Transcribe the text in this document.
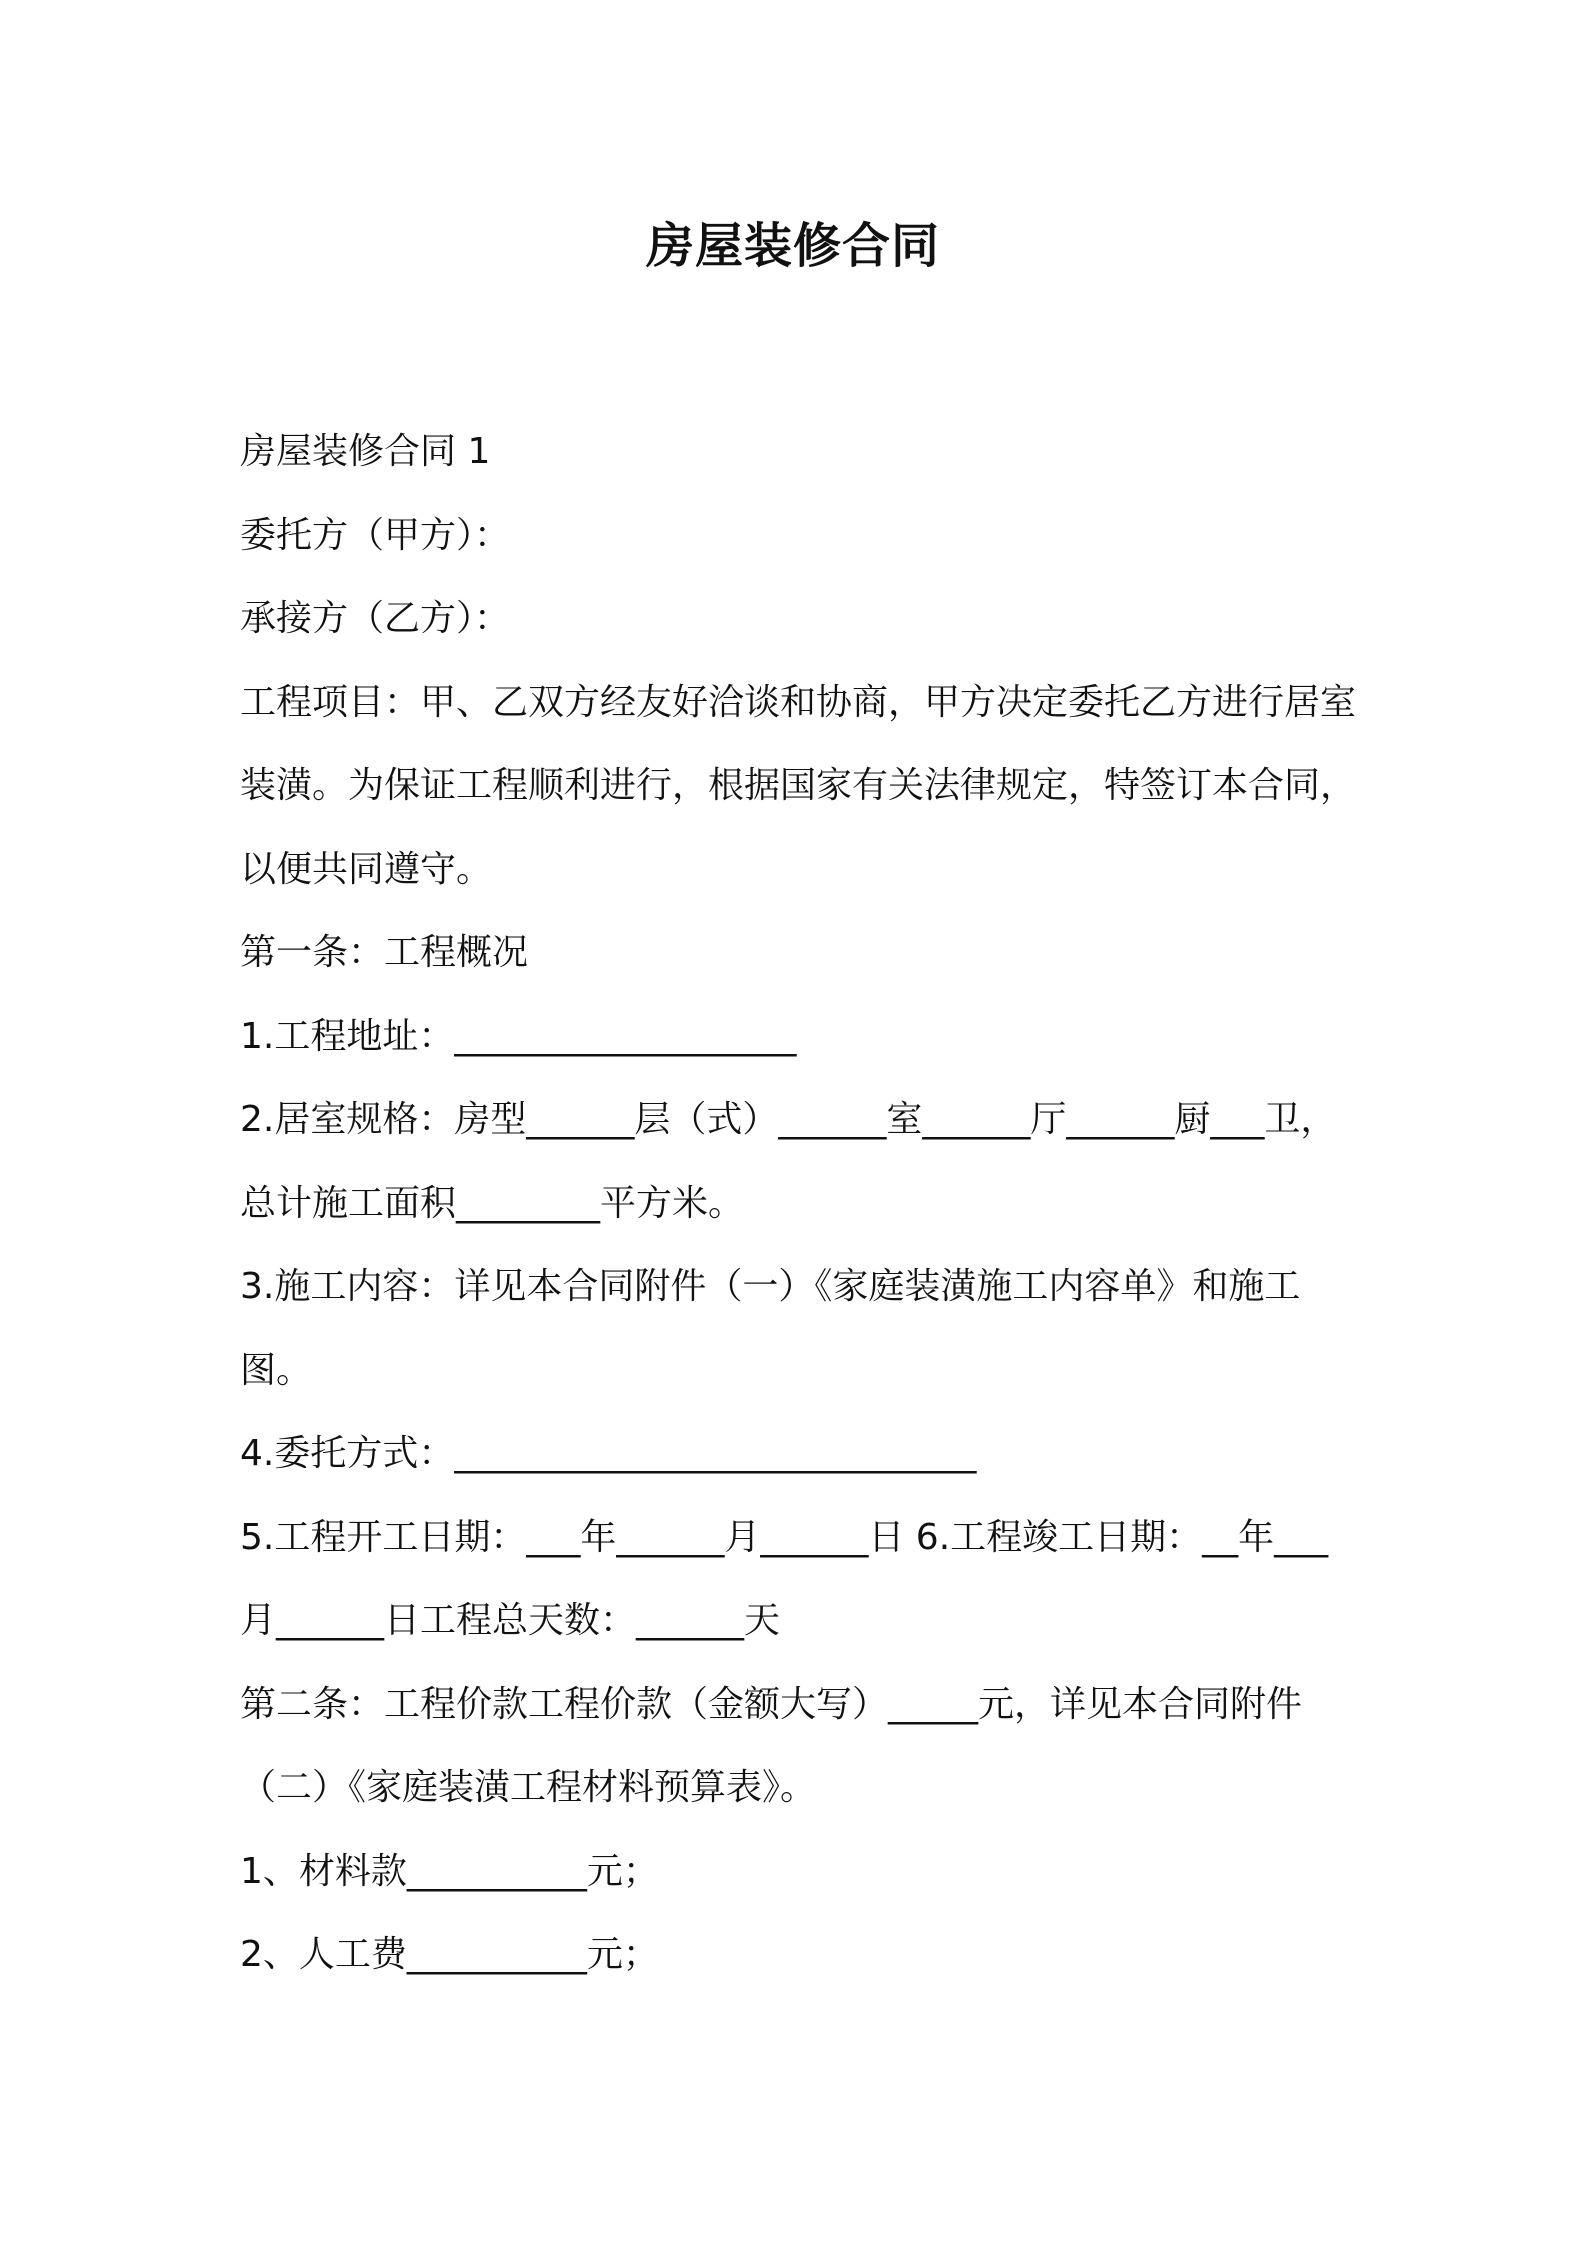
房屋装修合同

房屋装修合同 1

委托方（甲方）：

承接方（乙方）：

工程项目：甲、乙双方经友好洽谈和协商，甲方决定委托乙方进行居室装潢。为保证工程顺利进行，根据国家有关法律规定，特签订本合同，以便共同遵守。

第一条：工程概况

1.工程地址：___________________

2.居室规格：房型______层（式）______室______厅______厨___卫，总计施工面积________平方米。

3.施工内容：详见本合同附件（一）《家庭装潢施工内容单》和施工图。

4.委托方式：_____________________________

5.工程开工日期：___年______月______日 6.工程竣工日期：__年___月______日工程总天数：______天

第二条：工程价款工程价款（金额大写）_____元，详见本合同附件（二）《家庭装潢工程材料预算表》。

1、材料款__________元；

2、人工费__________元；
